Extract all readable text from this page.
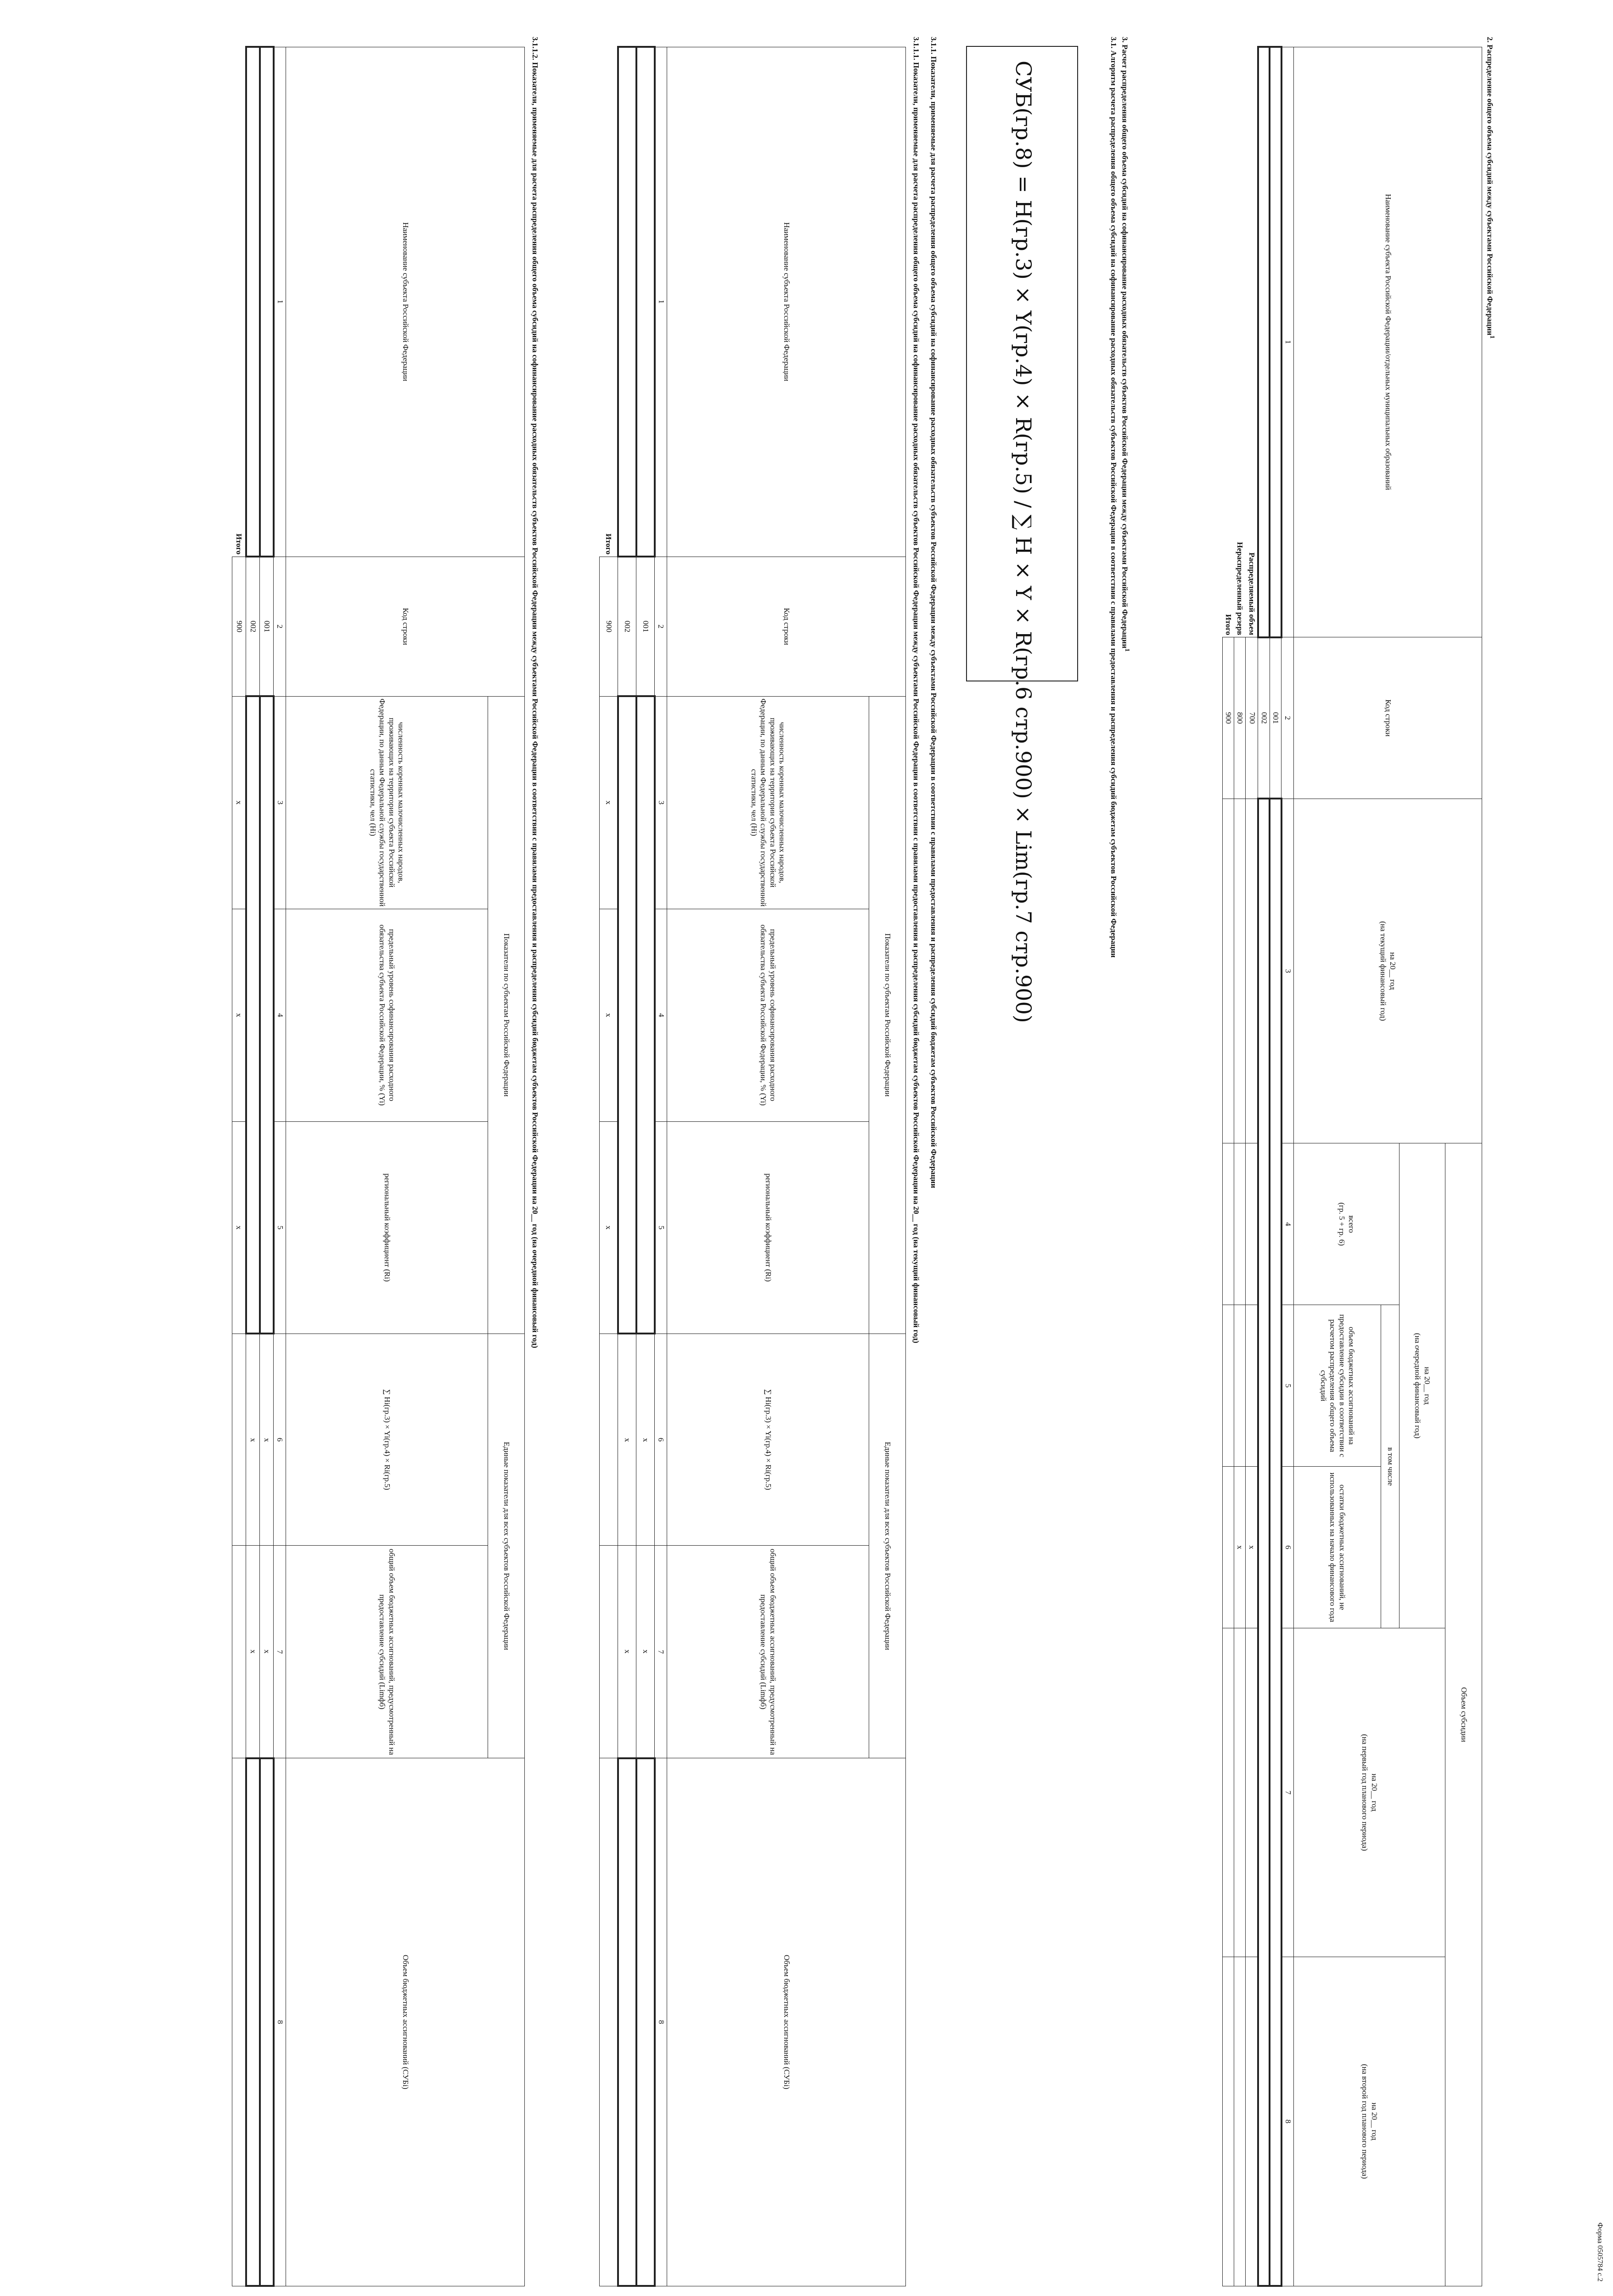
Форма 0505784 с.2
2. Распределение общего объема субсидий между субъектами Российской Федерации$^1$
Наименование субъекта Российской Федерации/отдельных муниципальных образований	Код строки	на 20__ год
(на текущий финансовый год)	Объем субсидии				
			на 20__ год
(на очередной финансовый год)			на 20__ год
(на первый год планового периода)	на 20__ год
(на второй год планового периода)
			всего
(гр. 5 + гр. 6)	в том числе			
				объем бюджетных ассигнований на предоставление субсидии в соответствии с расчетом распределения общего объема субсидий	остатки бюджетных ассигнований, не использованных на начало финансового года		
1	2	3	4	5	6	7	8
	001						
	002						
Распределяемый объем	700				x		
Нераспределенный резерв	800				x		
Итого	900						
3. Расчет распределения общего объема субсидий на софинансирование расходных обязательств субъектов Российской Федерации между субъектами Российской Федерации$^1$
3.1. Алгоритм расчета распределения общего объема субсидий на софинансирование расходных обязательств субъектов Российской Федерации в соответствии с правилами предоставления и распределения субсидий бюджетам субъектов Российской Федерации
СУБ(гр.8) = H(гр.3) × Y(гр.4) × R(гр.5) / ∑ H × Y × R(гр.6 стр.900) × Lim(гр.7 стр.900)
3.1.1. Показатели, применяемые для расчета распределения общего объема субсидий на софинансирование расходных обязательств субъектов Российской Федерации между субъектами Российской Федерации в соответствии с правилами предоставления и распределения субсидий бюджетам субъектов Российской Федерации
3.1.1.1. Показатели, применяемые для расчета распределения общего объема субсидий на софинансирование расходных обязательств субъектов Российской Федерации между субъектами Российской Федерации в соответствии с правилами предоставления и распределения субсидий бюджетам субъектов Российской Федерации на 20__ год (на текущий финансовый год)
Наименование субъекта Российской Федерации	Код строки	Показатели по субъектам Российской Федерации			Единые показатели для всех субъектов Российской Федерации		Объем бюджетных ассигнований (СУБi)
		численность коренных малочисленных народов, проживающих на территории субъекта Российской Федерации, по данным Федеральной службы государственной статистики, чел (Hi)	предельный уровень софинансирования расходного обязательства субъекта Российской Федерации, % (Yi)	региональный коэффициент (Ri)	∑ Hi(гр.3) × Yi(гр.4) × Ri(гр.5)	общий объем бюджетных ассигнований, предусмотренный на предоставление субсидий (Limфб)	
1	2	3	4	5	6	7	8
	001				x	x	
	002				x	x	
Итого	900	x	x	x			
3.1.1.2. Показатели, применяемые для расчета распределения общего объема субсидий на софинансирование расходных обязательств субъектов Российской Федерации между субъектами Российской Федерации в соответствии с правилами предоставления и распределения субсидий бюджетам субъектов Российской Федерации на 20__ год (на очередной финансовый год)
Наименование субъекта Российской Федерации	Код строки	Показатели по субъектам Российской Федерации			Единые показатели для всех субъектов Российской Федерации		Объем бюджетных ассигнований (СУБi)
		численность коренных малочисленных народов, проживающих на территории субъекта Российской Федерации, по данным Федеральной службы государственной статистики, чел (Hi)	предельный уровень софинансирования расходного обязательства субъекта Российской Федерации, % (Yi)	региональный коэффициент (Ri)	∑ Hi(гр.3) × Yi(гр.4) × Ri(гр.5)	общий объем бюджетных ассигнований, предусмотренный на предоставление субсидий (Limфб)	
1	2	3	4	5	6	7	8
	001				x	x	
	002				x	x	
Итого	900	x	x	x			
